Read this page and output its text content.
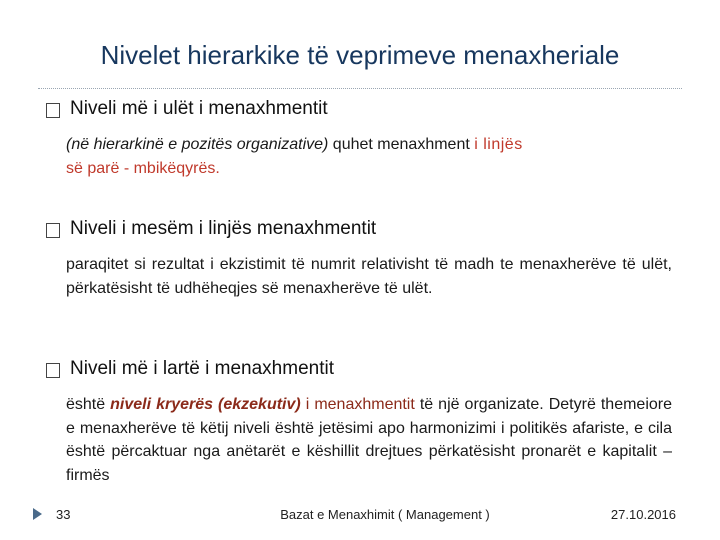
Nivelet hierarkike të veprimeve menaxheriale
Niveli më i ulët i menaxhmentit
(në hierarkinë e pozitës organizative) quhet menaxhment i linjës
së parë - mbikëqyrës.
Niveli i mesëm i linjës menaxhmentit
paraqitet si rezultat i ekzistimit të numrit relativisht të madh te menaxherëve të ulët, përkatësisht të udhëheqjes së menaxherëve të ulët.
Niveli më i lartë i menaxhmentit
është niveli kryerës (ekzekutiv) i menaxhmentit të një organizate. Detyrë themeiore e menaxherëve të këtij niveli është jetësimi apo harmonizimi i politikës afariste, e cila është përcaktuar nga anëtarët e këshillit drejtues përkatësisht pronarët e kapitalit – firmës
33	Bazat e Menaxhimit ( Management )	27.10.2016
